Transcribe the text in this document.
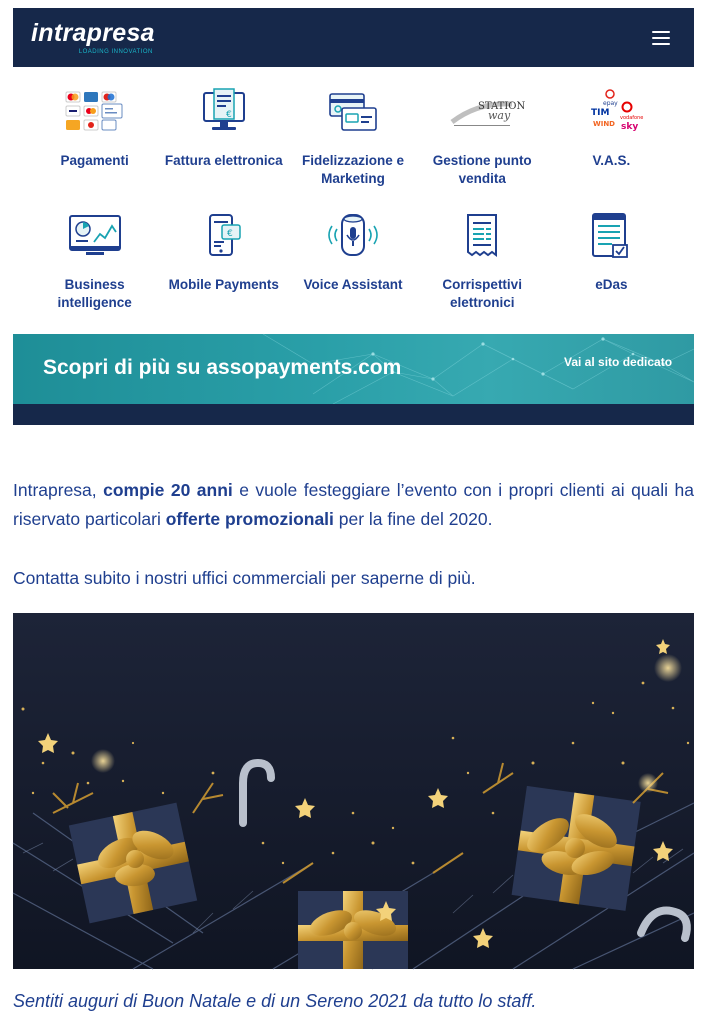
intrapresa
LOADING INNOVATION
Pagamenti
€
Fattura elettronica	Fidelizzazione e Marketing
STATION
way
Gestione punto vendita
epay
TIM vodafone
WIND sky
V.A.S.
Business intelligence
€
Mobile Payments Voice Assistant	Corrispettivi elettronici
eDas
Scopri di più su assopayments.com	Vai al sito dedicato

Intrapresa, compie 20 anni e vuole festeggiare l’evento con i propri clienti ai quali ha riservato particolari offerte promozionali per la fine del 2020.

Contatta subito i nostri uffici commerciali per saperne di più.

Sentiti auguri di Buon Natale e di un Sereno 2021 da tutto lo staff.
